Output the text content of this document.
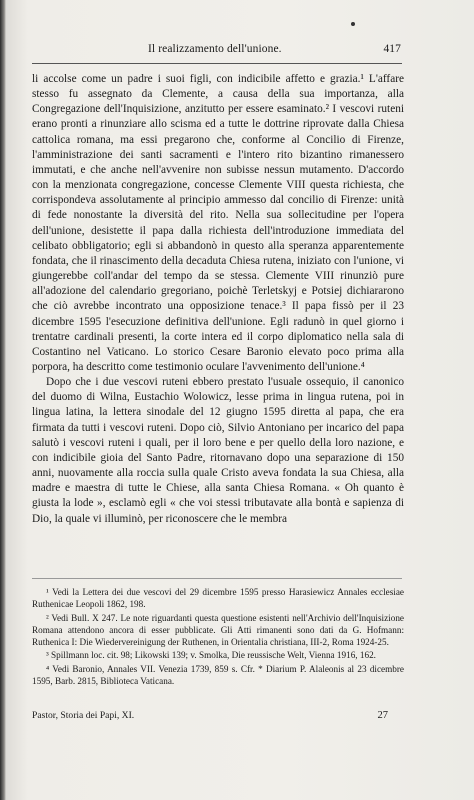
Il realizzamento dell'unione.	417

li accolse come un padre i suoi figli, con indicibile affetto e grazia.¹ L'affare stesso fu assegnato da Clemente, a causa della sua importanza, alla Congregazione dell'Inquisizione, anzitutto per essere esaminato.² I vescovi ruteni erano pronti a rinunziare allo scisma ed a tutte le dottrine riprovate dalla Chiesa cattolica romana, ma essi pregarono che, conforme al Concilio di Firenze, l'amministrazione dei santi sacramenti e l'intero rito bizantino rimanessero immutati, e che anche nell'avvenire non subisse nessun mutamento. D'accordo con la menzionata congregazione, concesse Clemente VIII questa richiesta, che corrispondeva assolutamente al principio ammesso dal concilio di Firenze: unità di fede nonostante la diversità del rito. Nella sua sollecitudine per l'opera dell'unione, desistette il papa dalla richiesta dell'introduzione immediata del celibato obbligatorio; egli si abbandonò in questo alla speranza apparentemente fondata, che il rinascimento della decaduta Chiesa rutena, iniziato con l'unione, vi giungerebbe coll'andar del tempo da se stessa. Clemente VIII rinunziò pure all'adozione del calendario gregoriano, poichè Terletskyj e Potsiej dichiararono che ciò avrebbe incontrato una opposizione tenace.³ Il papa fissò per il 23 dicembre 1595 l'esecuzione definitiva dell'unione. Egli radunò in quel giorno i trentatre cardinali presenti, la corte intera ed il corpo diplomatico nella sala di Costantino nel Vaticano. Lo storico Cesare Baronio elevato poco prima alla porpora, ha descritto come testimonio oculare l'avvenimento dell'unione.⁴

Dopo che i due vescovi ruteni ebbero prestato l'usuale ossequio, il canonico del duomo di Wilna, Eustachio Wolowicz, lesse prima in lingua rutena, poi in lingua latina, la lettera sinodale del 12 giugno 1595 diretta al papa, che era firmata da tutti i vescovi ruteni. Dopo ciò, Silvio Antoniano per incarico del papa salutò i vescovi ruteni i quali, per il loro bene e per quello della loro nazione, e con indicibile gioia del Santo Padre, ritornavano dopo una separazione di 150 anni, nuovamente alla roccia sulla quale Cristo aveva fondata la sua Chiesa, alla madre e maestra di tutte le Chiese, alla santa Chiesa Romana. « Oh quanto è giusta la lode », esclamò egli « che voi stessi tributavate alla bontà e sapienza di Dio, la quale vi illuminò, per riconoscere che le membra

¹ Vedi la Lettera dei due vescovi del 29 dicembre 1595 presso Harasiewicz Annales ecclesiae Ruthenicae Leopoli 1862, 198.

² Vedi Bull. X 247. Le note riguardanti questa questione esistenti nell'Archivio dell'Inquisizione Romana attendono ancora di esser pubblicate. Gli Atti rimanenti sono dati da G. Hofmann: Ruthenica I: Die Wiedervereinigung der Ruthenen, in Orientalia christiana, III-2, Roma 1924-25.

³ Spillmann loc. cit. 98; Likowski 139; v. Smolka, Die reussische Welt, Vienna 1916, 162.

⁴ Vedi Baronio, Annales VII. Venezia 1739, 859 s. Cfr. * Diarium P. Alaleonis al 23 dicembre 1595, Barb. 2815, Biblioteca Vaticana.

Pastor, Storia dei Papi, XI.	27
